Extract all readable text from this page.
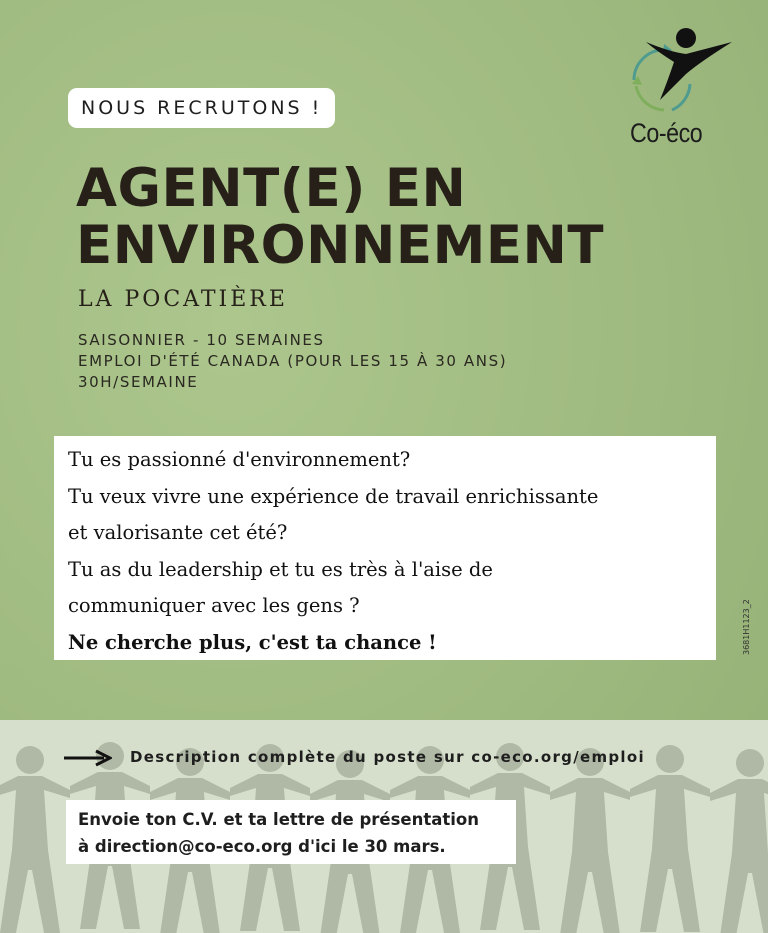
NOUS RECRUTONS !
Co-éco
AGENT(E) EN
ENVIRONNEMENT
LA POCATIÈRE
SAISONNIER - 10 SEMAINES
EMPLOI D'ÉTÉ CANADA (POUR LES 15 À 30 ANS)
30H/SEMAINE
Tu es passionné d'environnement?
Tu veux vivre une expérience de travail enrichissante
et valorisante cet été?
Tu as du leadership et tu es très à l'aise de
communiquer avec les gens ?
Ne cherche plus, c'est ta chance !	3681H1123_2
Description complète du poste sur co-eco.org/emploi
Envoie ton C.V. et ta lettre de présentation
à direction@co-eco.org d'ici le 30 mars.
